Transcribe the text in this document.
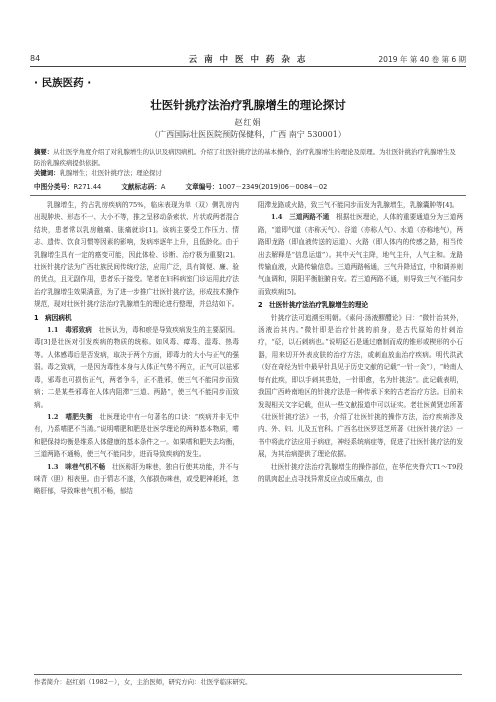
84	云 南 中 医 中 药 杂 志	2019 年 第 40 卷 第 6 期
· 民族医药 ·
壮医针挑疗法治疗乳腺增生的理论探讨
赵红娟
（广西国际壮医医院预防保健科，广西 南宁 530001）
摘要：从壮医学角度介绍了对乳腺增生的认识及病因病机。介绍了壮医针挑疗法的基本操作，治疗乳腺增生的理论及原理。为壮医针挑治疗乳腺增生及防治乳腺疾病提供依据。
关键词：乳腺增生；壮医针挑疗法；理论探讨
中图分类号：R271.44	文献标志码：A	文章编号：1007－2349(2019)06－0084－02

乳腺增生，约占乳房疾病的75%，临床表现为单（双）侧乳房内出现肿块、形态不一、大小不等，推之呈移动条索状、片状或两者混合结块，患者常以乳房触痛、胀痛就诊[1]。该病主要受工作压力、情志、遗传、饮食习惯等因素的影响，发病率逐年上升，且低龄化。由于乳腺增生具有一定的癌变可能，因此体检、诊断、治疗极为重要[2]。壮医针挑疗法为广西壮族民间传统疗法，应用广泛，具有简便、廉、验的优点，且无副作用，患者乐于接受。笔者在妇科病室门诊运用此疗法治疗乳腺增生效果满意，为了进一步推广壮医针挑疗法，形成技术操作规范，现对壮医针挑疗法治疗乳腺增生的理论进行整理，并总结如下。

1　病因病机

1.1　毒邪致病　 壮医认为，毒和瘀是导致疾病发生的主要原因。毒[3]是壮医对引发疾病的物质的统称。如风毒、瘴毒、湿毒、热毒等。人体感毒后是否发病，取决于两个方面，即毒力的大小与正气的强弱。毒之致病，一是因为毒性本身与人体正气势不两立，正气可以祛邪毒，邪毒也可损伤正气，两者争斗，正不胜邪，使三气不能同步而致病；二是某些邪毒在人体内阻滞“三道、两路”，使三气不能同步而致病。

1.2　嗜肥失衡　 壮医理论中有一句著名的口诀：“疾病并非无中有，乃系嗜肥不当淆。”说明嗜肥和肥是壮医学理论的两种基本物质，嗜和肥保持均衡是维系人体健康的基本条件之一。如果嗜和肥失去均衡，三道两路不通畅，使三气不能同步，进而导致疾病的发生。

1.3　咪巷气机不畅　 壮医称肝为咪巷，独自行使其功能，并不与咪背（胆）相表里。由于情志不遂，久郁损伤咪巷，或受肥神耗耗，忽略肝郁，导致咪巷气机不畅，郁结

阻滞龙路或火路，致三气不能同步而发为乳腺增生，乳腺囊肿等[4]。

1.4　三道两路不通　 根据壮医理论，人体的重要通道分为三道两路，“道即气道（亦称天气）、谷道（亦称人气）、水道（亦称地气），两路即龙路（即血液传送的运道）、火路（即人体内的传感之路，相当传出去解释是“信息运道”）。其中天气主降，地气主升，人气主和。龙路传输血液，火路传输信息。三道两路畅通，三气升降适宜，中和调养则气血调和，阴阳平衡脏腑自安。若三道两路不通，则导致三气不能同步而致疾病[5]。

2　壮医针挑疗法治疗乳腺增生的理论

针挑疗法可追溯至明朝。《素问·汤液醪醴论》曰：“微针治其外，汤液治其内。”微针即是治疗针挑的前身，是古代原始的针刺治疗，“砭，以石刺病也。”说明砭石是通过磨制而成的锥形或楔形的小石器，用来切开外表皮肤的治疗方法，或刺血放血治疗疾病。明代洪武（好在奇经为针中最早针具见于历史文献的记载“一针一灸”），“岭南人每有此疾，即以手刺其患处，一针即愈，名为针挑法”。此记载表明，我国广西岭南地区的针挑疗法是一种传承下来的古老治疗方法。目前未发现相关文字记载，但从一些文献报道中可以证实。老壮医黄贤忠所著《壮医针挑疗法》一书，介绍了壮医针挑的操作方法，治疗疾病涉及内、外、妇、儿及五官科。广西名壮医罗廷芝所著《壮医针挑疗法》一书中将此疗法应用于病症，神经系统病症等，促进了壮医针挑疗法的发展，为其治病提供了理论依据。

壮医针挑疗法治疗乳腺增生的操作部位，在华佗夹脊穴T1～T9段的肌肉起止点寻找异常反应点或压痛点，由

作者简介：赵红娟（1982－），女，主治医师，研究方向：壮医学临床研究。
